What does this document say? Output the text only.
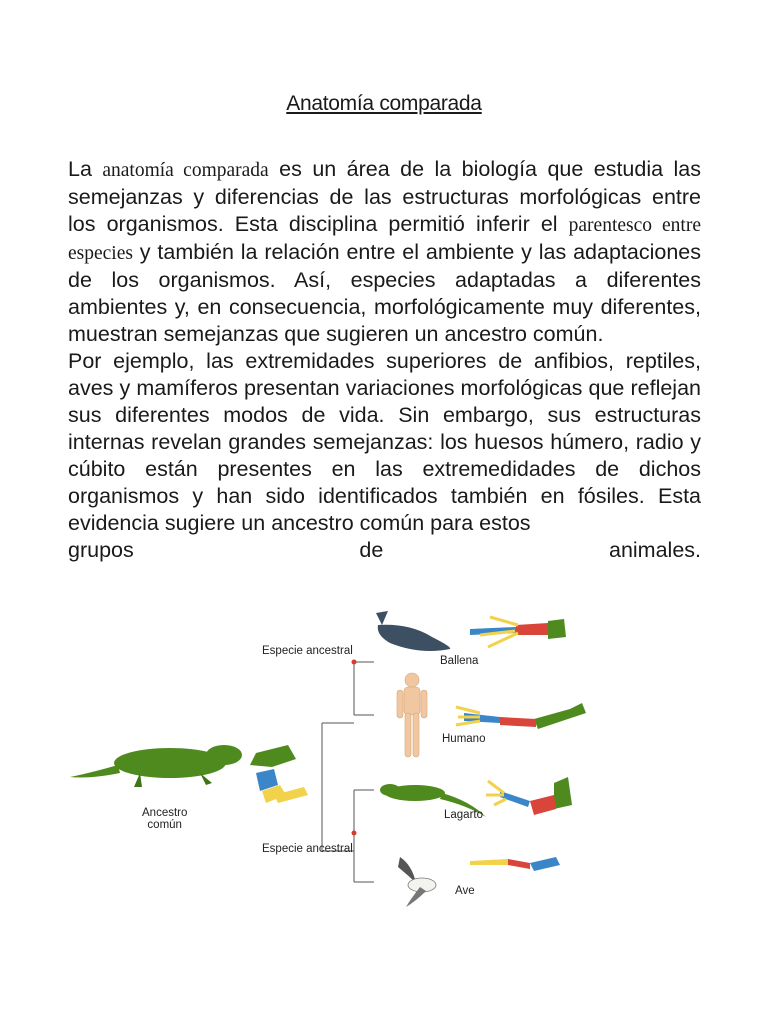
Anatomía comparada

La anatomía comparada es un área de la biología que estudia las semejanzas y diferencias de las estructuras morfológicas entre los organismos. Esta disciplina permitió inferir el parentesco entre especies y también la relación entre el ambiente y las adaptaciones de los organismos. Así, especies adaptadas a diferentes ambientes y, en consecuencia, morfológicamente muy diferentes, muestran semejanzas que sugieren un ancestro común.

Por ejemplo, las extremidades superiores de anfibios, reptiles, aves y mamíferos presentan variaciones morfológicas que reflejan sus diferentes modos de vida. Sin embargo, sus estructuras internas revelan grandes semejanzas: los huesos húmero, radio y cúbito están presentes en las extremedidades de dichos organismos y han sido identificados también en fósiles. Esta evidencia sugiere un ancestro común para estos

grupos	de	animales.
Especie ancestral
Especie ancestral
Ancestro
común
Ballena
Humano
Lagarto
Ave
